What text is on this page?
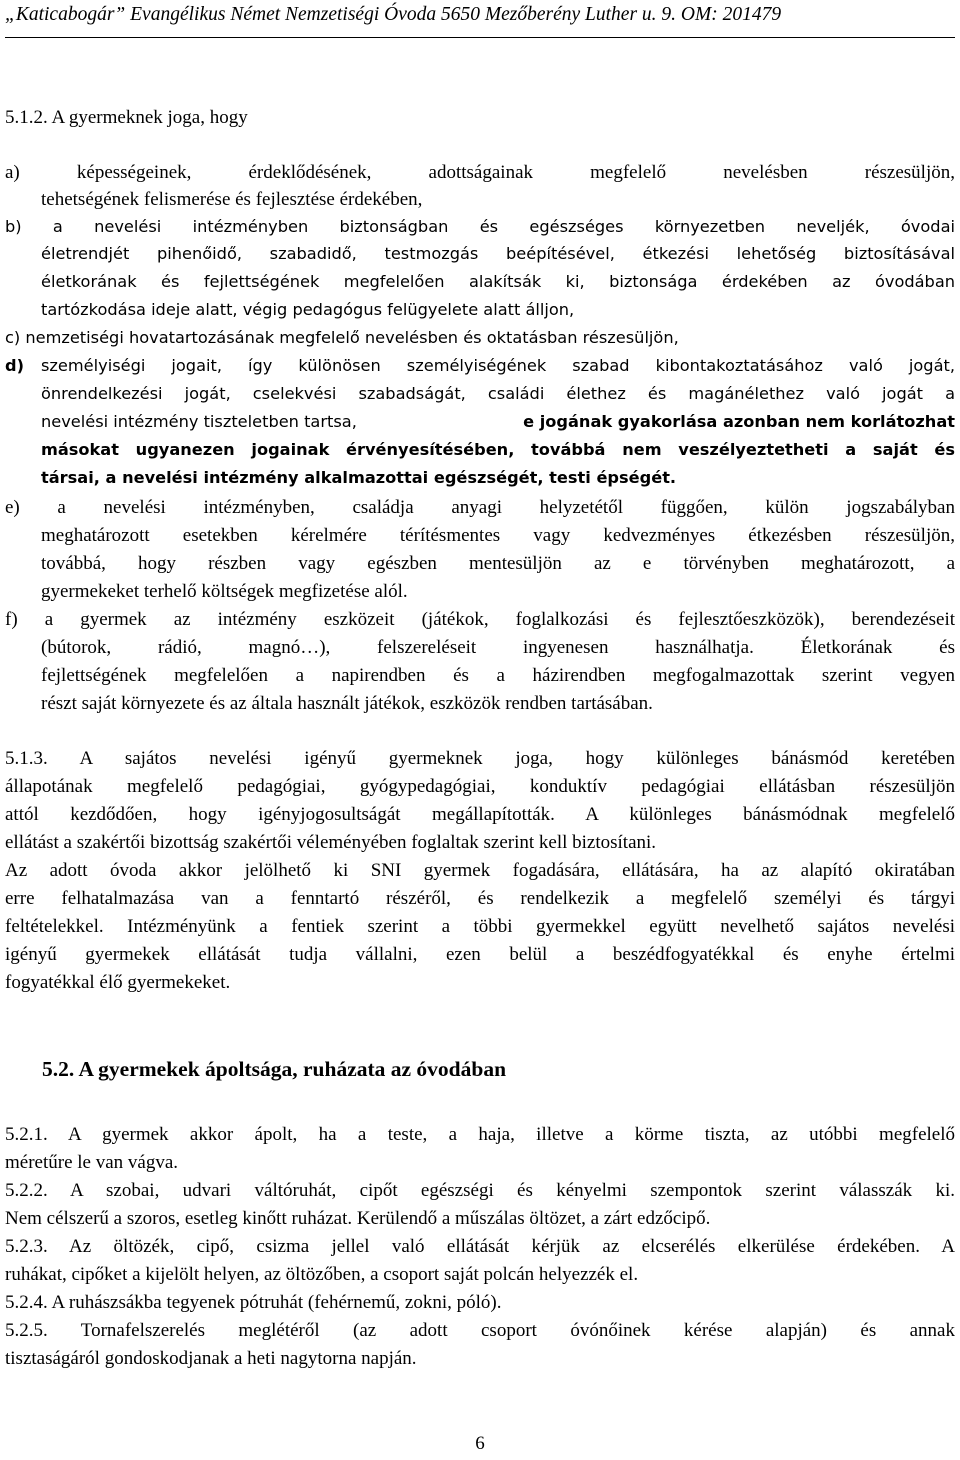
„Katicabogár” Evangélikus Német Nemzetiségi Óvoda 5650 Mezőberény Luther u. 9. OM: 201479
5.1.2. A gyermeknek joga, hogy
a) képességeinek, érdeklődésének, adottságainak megfelelő nevelésben részesüljön,
tehetségének felismerése és fejlesztése érdekében,
b) a nevelési intézményben biztonságban és egészséges környezetben neveljék, óvodai
életrendjét pihenőidő, szabadidő, testmozgás beépítésével, étkezési lehetőség biztosításával
életkorának és fejlettségének megfelelően alakítsák ki, biztonsága érdekében az óvodában
tartózkodása ideje alatt, végig pedagógus felügyelete alatt álljon,
c) nemzetiségi hovatartozásának megfelelő nevelésben és oktatásban részesüljön,
d)	személyiségi jogait, így különösen személyiségének szabad kibontakoztatásához való jogát,
önrendelkezési jogát, cselekvési szabadságát, családi élethez és magánélethez való jogát a
nevelési intézmény tiszteletben tartsa,	e jogának gyakorlása azonban nem korlátozhat
másokat ugyanezen jogainak érvényesítésében, továbbá nem veszélyeztetheti a saját és
társai, a nevelési intézmény alkalmazottai egészségét, testi épségét.
e) a nevelési intézményben, családja anyagi helyzetétől függően, külön jogszabályban
meghatározott esetekben kérelmére térítésmentes vagy kedvezményes étkezésben részesüljön,
továbbá, hogy részben vagy egészben mentesüljön az e törvényben meghatározott, a
gyermekeket terhelő költségek megfizetése alól.
f) a gyermek az intézmény eszközeit (játékok, foglalkozási és fejlesztőeszközök), berendezéseit
(bútorok, rádió, magnó…), felszereléseit ingyenesen használhatja. Életkorának és
fejlettségének megfelelően a napirendben és a házirendben megfogalmazottak szerint vegyen
részt saját környezete és az általa használt játékok, eszközök rendben tartásában.
5.1.3. A sajátos nevelési igényű gyermeknek joga, hogy különleges bánásmód keretében
állapotának megfelelő pedagógiai, gyógypedagógiai, konduktív pedagógiai ellátásban részesüljön
attól kezdődően, hogy igényjogosultságát megállapították. A különleges bánásmódnak megfelelő
ellátást a szakértői bizottság szakértői véleményében foglaltak szerint kell biztosítani.
Az adott óvoda akkor jelölhető ki SNI gyermek fogadására, ellátására, ha az alapító okiratában
erre felhatalmazása van a fenntartó részéről, és rendelkezik a megfelelő személyi és tárgyi
feltételekkel. Intézményünk a fentiek szerint a többi gyermekkel együtt nevelhető sajátos nevelési
igényű gyermekek ellátását tudja vállalni, ezen belül a beszédfogyatékkal és enyhe értelmi
fogyatékkal élő gyermekeket.
5.2. A gyermekek ápoltsága, ruházata az óvodában
5.2.1. A gyermek akkor ápolt, ha a teste, a haja, illetve a körme tiszta, az utóbbi megfelelő
méretűre le van vágva.
5.2.2. A szobai, udvari váltóruhát, cipőt egészségi és kényelmi szempontok szerint válasszák ki.
Nem célszerű a szoros, esetleg kinőtt ruházat. Kerülendő a műszálas öltözet, a zárt edzőcipő.
5.2.3. Az öltözék, cipő, csizma jellel való ellátását kérjük az elcserélés elkerülése érdekében. A
ruhákat, cipőket a kijelölt helyen, az öltözőben, a csoport saját polcán helyezzék el.
5.2.4. A ruhászsákba tegyenek pótruhát (fehérnemű, zokni, póló).
5.2.5. Tornafelszerelés meglétéről (az adott csoport óvónőinek kérése alapján) és annak
tisztaságáról gondoskodjanak a heti nagytorna napján.
6
